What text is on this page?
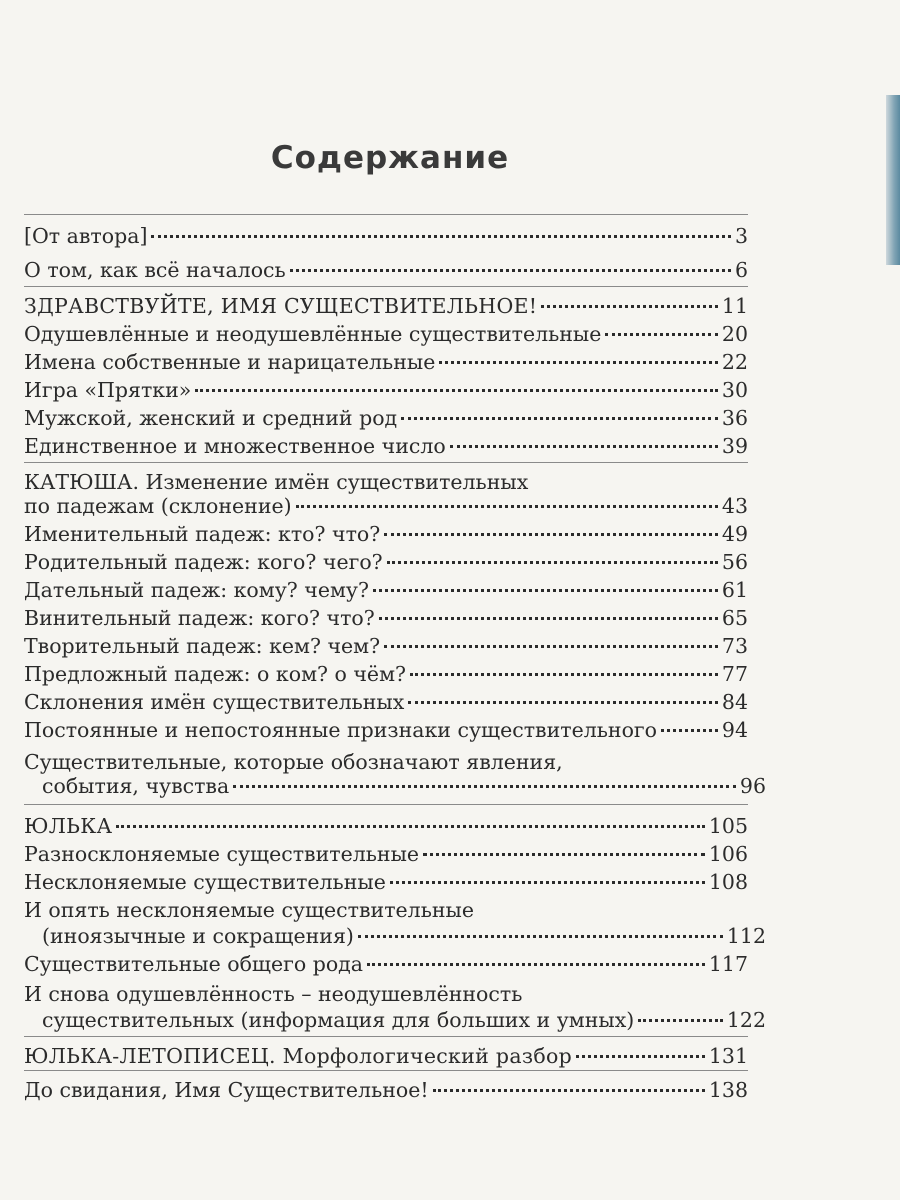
Содержание
[От автора]	3
О том, как всё началось	6
ЗДРАВСТВУЙТЕ, ИМЯ СУЩЕСТВИТЕЛЬНОЕ!	11
Одушевлённые и неодушевлённые существительные	20
Имена собственные и нарицательные	22
Игра «Прятки»	30
Мужской, женский и средний род	36
Единственное и множественное число	39
КАТЮША. Изменение имён существительных
по падежам (склонение)	43
Именительный падеж: кто? что?	49
Родительный падеж: кого? чего?	56
Дательный падеж: кому? чему?	61
Винительный падеж: кого? что?	65
Творительный падеж: кем? чем?	73
Предложный падеж: о ком? о чём?	77
Склонения имён существительных	84
Постоянные и непостоянные признаки существительного	94
Существительные, которые обозначают явления,
события, чувства	96
ЮЛЬКА	105
Разносклоняемые существительные	106
Несклоняемые существительные	108
И опять несклоняемые существительные
(иноязычные и сокращения)	112
Существительные общего рода	117
И снова одушевлённость – неодушевлённость
существительных (информация для больших и умных)	122
ЮЛЬКА-ЛЕТОПИСЕЦ. Морфологический разбор	131
До свидания, Имя Существительное!	138
